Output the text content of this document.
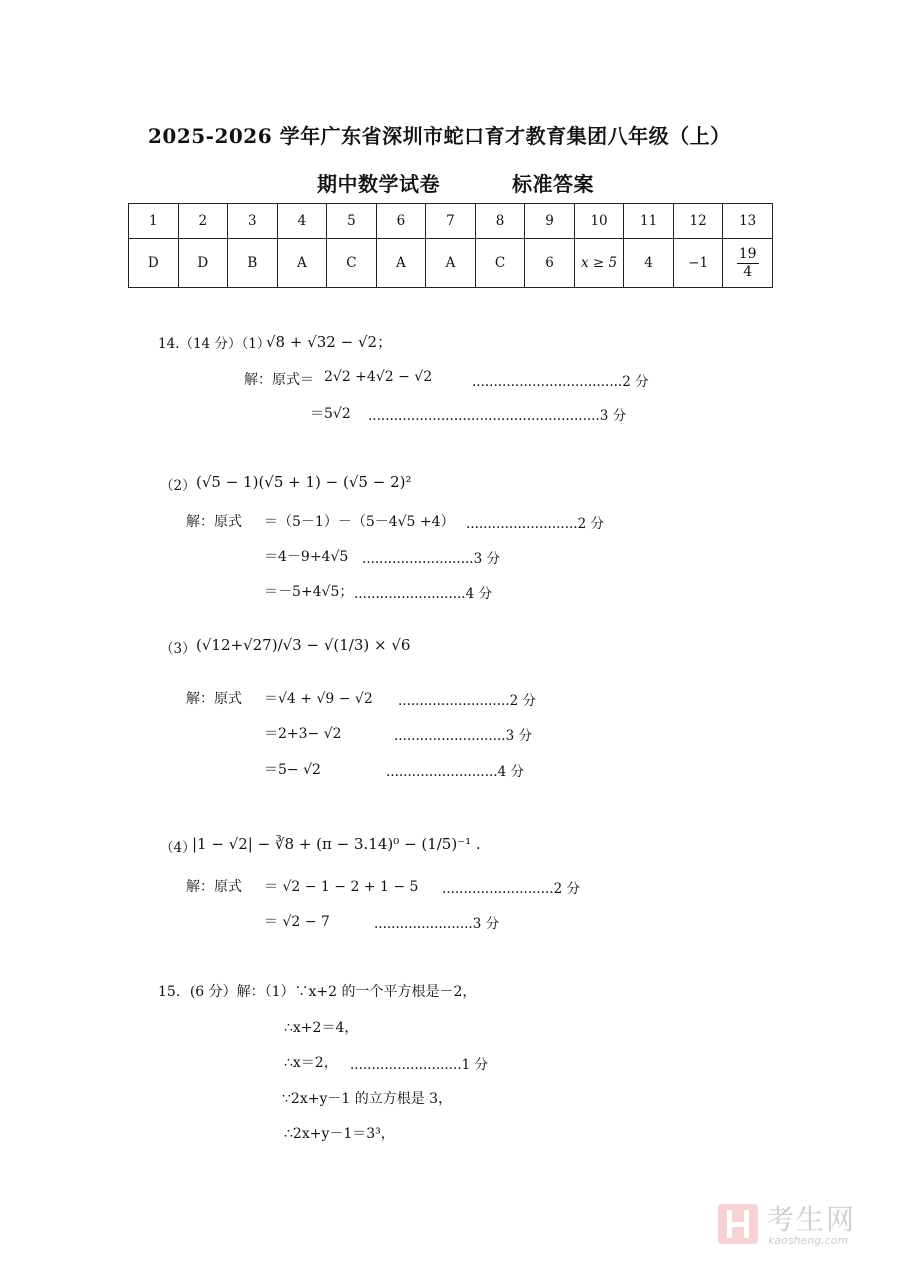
2025-2026 学年广东省深圳市蛇口育才教育集团八年级（上）
期中数学试卷	标准答案
1	2	3	4	5	6	7	8	9	10	11	12	13
D	D	B	A	C	A	A	C	6	x ≥ 5	4	−1	$\frac{19}{4}$
14.（14 分）（1）
√8 + √32 − √2；
解：原式＝ 2√2 +4√2 − √2	...................................2 分
＝5√2 ......................................................3 分
（2） (√5 − 1)(√5 + 1) − (√5 − 2)²
解：原式 ＝（5－1）－（5－4√5 +4） ..........................2 分
＝4－9+4√5 ..........................3 分
＝－5+4√5； ..........................4 分
（3） (√12+√27)/√3 − √(1/3) × √6
解：原式 ＝√4 + √9 − √2 ..........................2 分
＝2+3− √2	..........................3 分
＝5− √2	..........................4 分
（4）
|1 − √2| − ∛8 + (π − 3.14)⁰ − (1/5)⁻¹ .
解：原式 ＝ √2 − 1 − 2 + 1 − 5 ..........................2 分
＝ √2 − 7	.......................3 分
15．(6 分）解：（1）∵x+2 的一个平方根是－2，
∴x+2＝4，
∴x＝2， ..........................1 分
∵2x+y－1 的立方根是 3，
∴2x+y－1＝3³，
考生网
kaosheng.com
